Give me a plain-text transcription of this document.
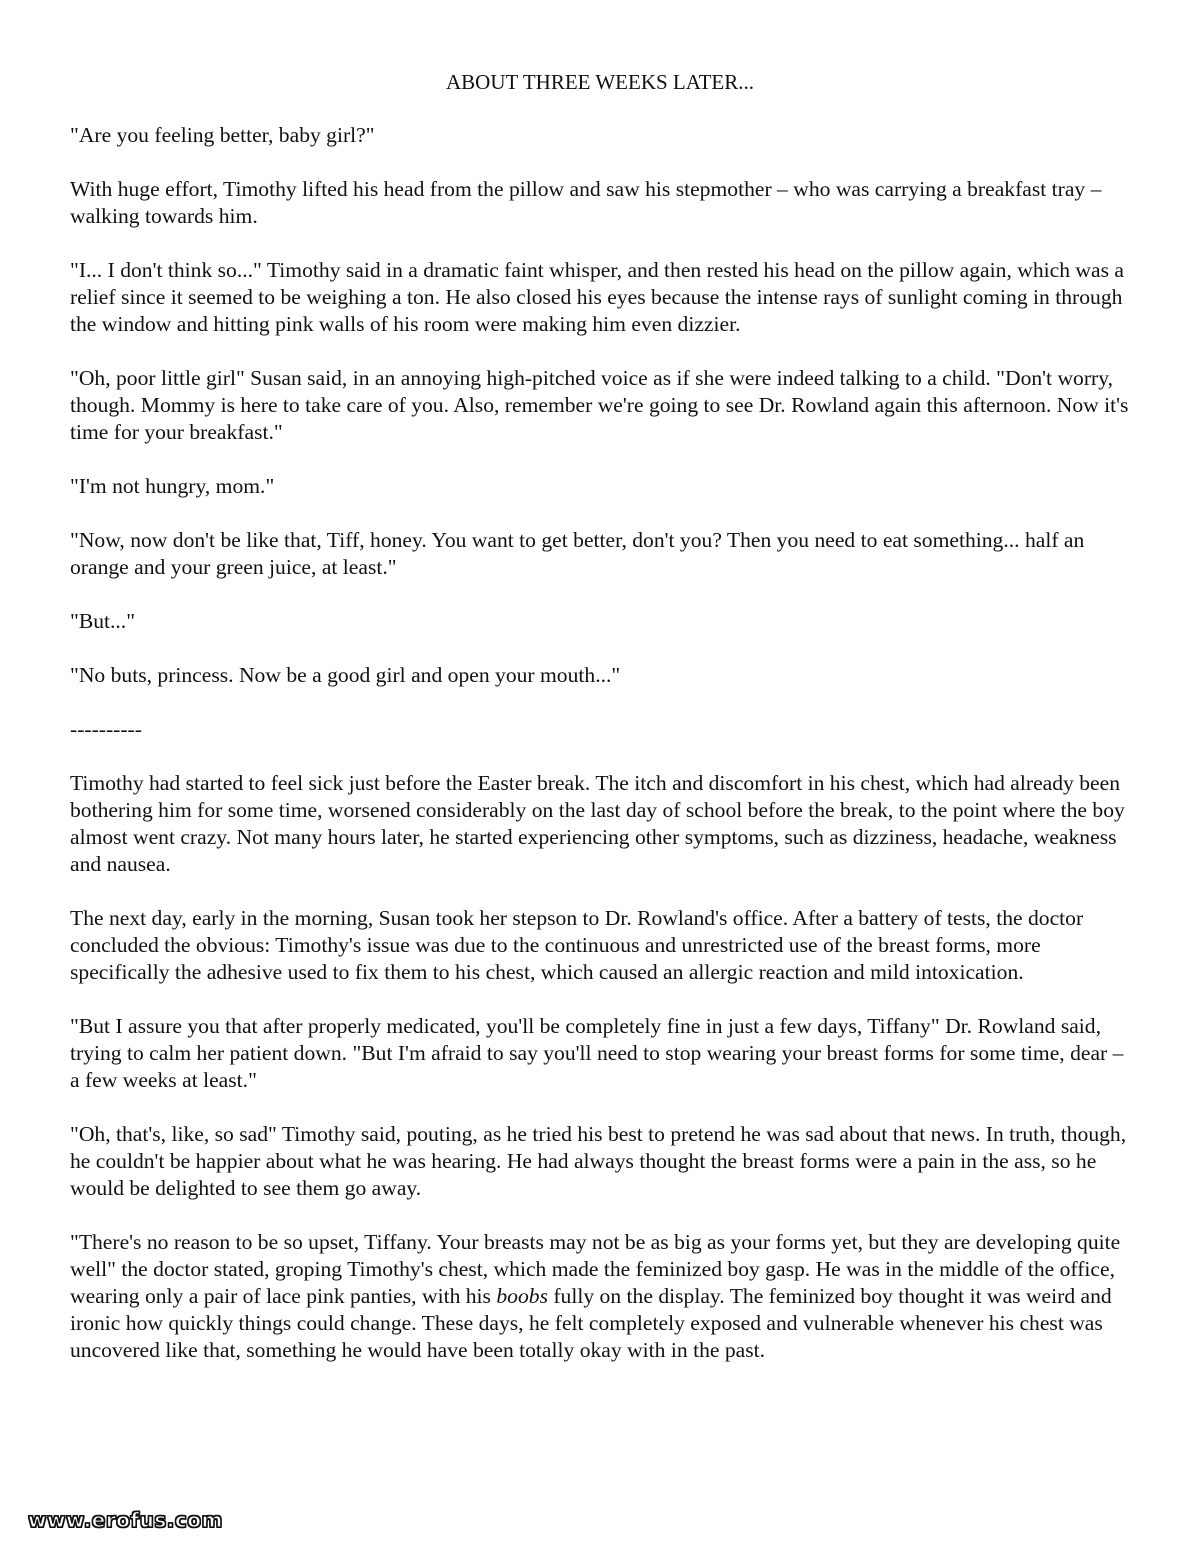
ABOUT THREE WEEKS LATER...

"Are you feeling better, baby girl?"

With huge effort, Timothy lifted his head from the pillow and saw his stepmother – who was carrying a breakfast tray – walking towards him.

"I... I don't think so..." Timothy said in a dramatic faint whisper, and then rested his head on the pillow again, which was a relief since it seemed to be weighing a ton. He also closed his eyes because the intense rays of sunlight coming in through the window and hitting pink walls of his room were making him even dizzier.

"Oh, poor little girl" Susan said, in an annoying high-pitched voice as if she were indeed talking to a child. "Don't worry, though. Mommy is here to take care of you. Also, remember we're going to see Dr. Rowland again this afternoon. Now it's time for your breakfast."

"I'm not hungry, mom."

"Now, now don't be like that, Tiff, honey. You want to get better, don't you? Then you need to eat something... half an orange and your green juice, at least."

"But..."

"No buts, princess. Now be a good girl and open your mouth..."

----------

Timothy had started to feel sick just before the Easter break. The itch and discomfort in his chest, which had already been bothering him for some time, worsened considerably on the last day of school before the break, to the point where the boy almost went crazy. Not many hours later, he started experiencing other symptoms, such as dizziness, headache, weakness and nausea.

The next day, early in the morning, Susan took her stepson to Dr. Rowland's office. After a battery of tests, the doctor concluded the obvious: Timothy's issue was due to the continuous and unrestricted use of the breast forms, more specifically the adhesive used to fix them to his chest, which caused an allergic reaction and mild intoxication.

"But I assure you that after properly medicated, you'll be completely fine in just a few days, Tiffany" Dr. Rowland said, trying to calm her patient down. "But I'm afraid to say you'll need to stop wearing your breast forms for some time, dear – a few weeks at least."

"Oh, that's, like, so sad" Timothy said, pouting, as he tried his best to pretend he was sad about that news. In truth, though, he couldn't be happier about what he was hearing. He had always thought the breast forms were a pain in the ass, so he would be delighted to see them go away.

"There's no reason to be so upset, Tiffany. Your breasts may not be as big as your forms yet, but they are developing quite well" the doctor stated, groping Timothy's chest, which made the feminized boy gasp. He was in the middle of the office, wearing only a pair of lace pink panties, with his boobs fully on the display. The feminized boy thought it was weird and ironic how quickly things could change. These days, he felt completely exposed and vulnerable whenever his chest was uncovered like that, something he would have been totally okay with in the past.

www.erofus.com
